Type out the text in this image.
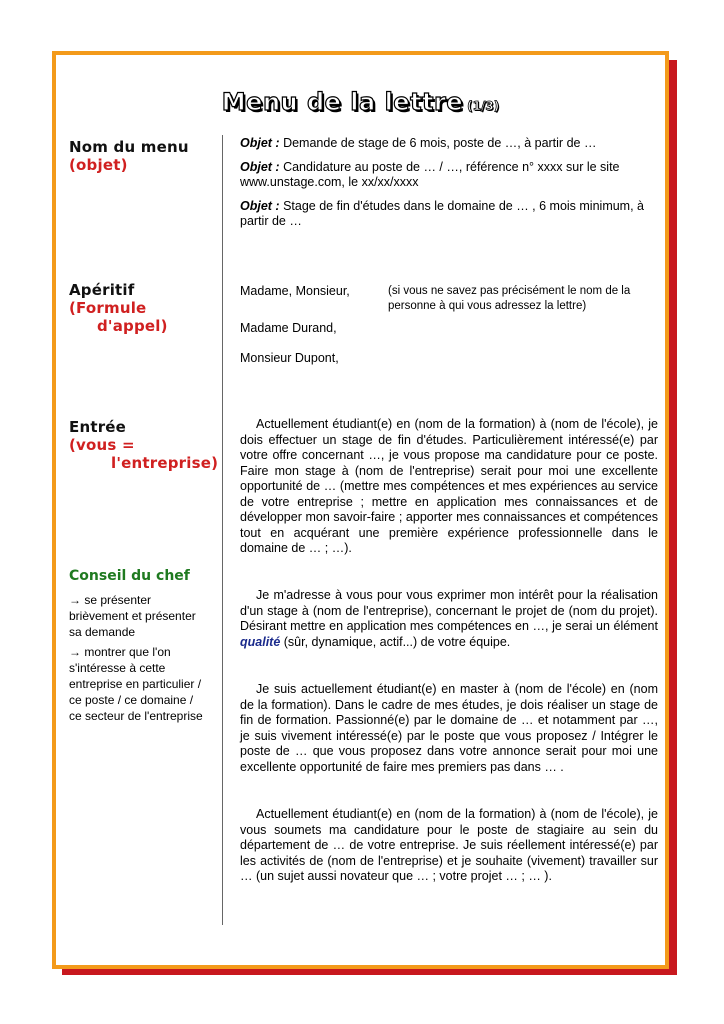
Menu de la lettre (1/3)
Nom du menu
(objet)
Apéritif
(Formule
d'appel)
Entrée
(vous =
l'entreprise)
Conseil du chef
→ se présenter brièvement et présenter sa demande
→ montrer que l'on s'intéresse à cette entreprise en particulier / ce poste / ce domaine / ce secteur de l'entreprise

Objet : Demande de stage de 6 mois, poste de …, à partir de …

Objet : Candidature au poste de … / …, référence n° xxxx sur le site www.unstage.com, le xx/xx/xxxx

Objet : Stage de fin d'études dans le domaine de … , 6 mois minimum, à partir de …

Madame, Monsieur,	(si vous ne savez pas précisément le nom de la personne à qui vous adressez la lettre)
Madame Durand,
Monsieur Dupont,

Actuellement étudiant(e) en (nom de la formation) à (nom de l'école), je dois effectuer un stage de fin d'études. Particulièrement intéressé(e) par votre offre concernant …, je vous propose ma candidature pour ce poste. Faire mon stage à (nom de l'entreprise) serait pour moi une excellente opportunité de … (mettre mes compétences et mes expériences au service de votre entreprise ; mettre en application mes connaissances et de développer mon savoir-faire ; apporter mes connaissances et compétences tout en acquérant une première expérience professionnelle dans le domaine de … ; …).

Je m'adresse à vous pour vous exprimer mon intérêt pour la réalisation d'un stage à (nom de l'entreprise), concernant le projet de (nom du projet). Désirant mettre en application mes compétences en …, je serai un élément qualité (sûr, dynamique, actif...) de votre équipe.

Je suis actuellement étudiant(e) en master à (nom de l'école) en (nom de la formation). Dans le cadre de mes études, je dois réaliser un stage de fin de formation. Passionné(e) par le domaine de … et notamment par …, je suis vivement intéressé(e) par le poste que vous proposez / Intégrer le poste de … que vous proposez dans votre annonce serait pour moi une excellente opportunité de faire mes premiers pas dans … .

Actuellement étudiant(e) en (nom de la formation) à (nom de l'école), je vous soumets ma candidature pour le poste de stagiaire au sein du département de … de votre entreprise. Je suis réellement intéressé(e) par les activités de (nom de l'entreprise) et je souhaite (vivement) travailler sur … (un sujet aussi novateur que … ; votre projet … ; … ).
